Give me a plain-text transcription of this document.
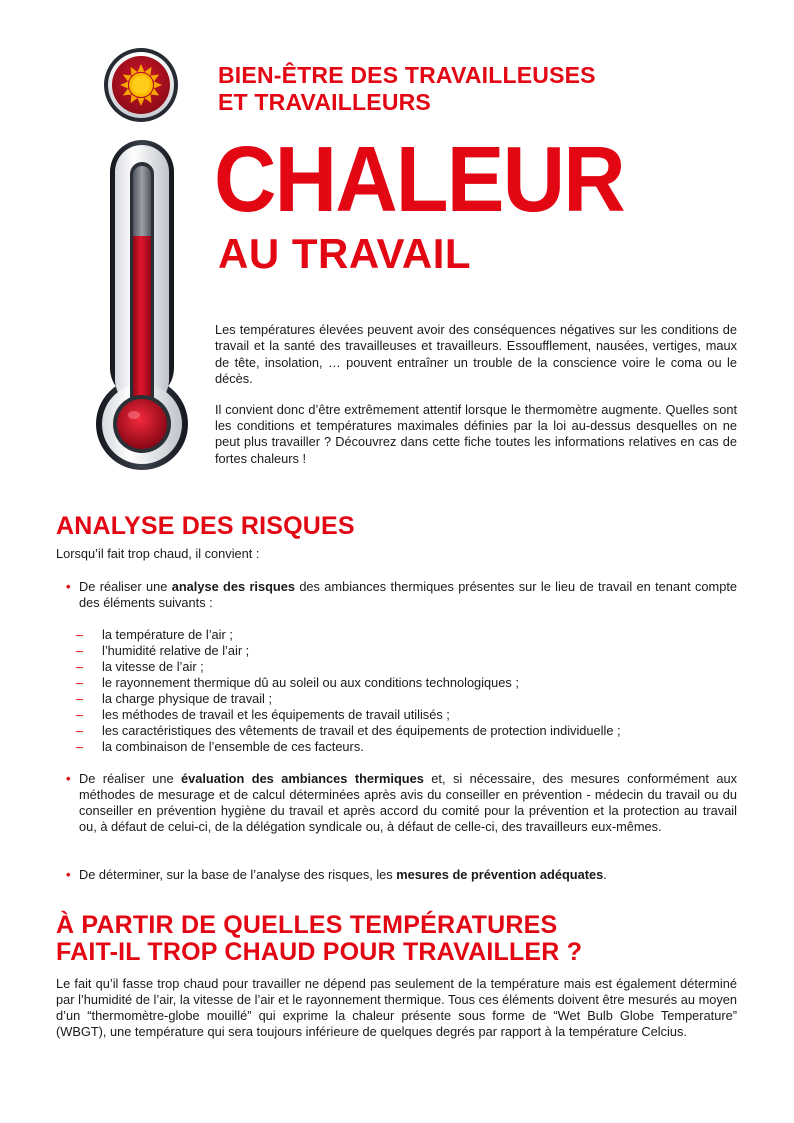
BIEN-ÊTRE DES TRAVAILLEUSES
ET TRAVAILLEURS
CHALEUR
AU TRAVAIL

Les températures élevées peuvent avoir des conséquences négatives sur les conditions de travail et la santé des travailleuses et travailleurs. Essoufflement, nausées, vertiges, maux de tête, insolation, … pouvent entraîner un trouble de la conscience voire le coma ou le décès.

Il convient donc d’être extrêmement attentif lorsque le thermomètre augmente. Quelles sont les conditions et températures maximales définies par la loi au-dessus desquelles on ne peut plus travailler ? Découvrez dans cette fiche toutes les informations relatives en cas de fortes chaleurs !

ANALYSE DES RISQUES

Lorsqu’il fait trop chaud, il convient :

• De réaliser une analyse des risques des ambiances thermiques présentes sur le lieu de travail en tenant compte des éléments suivants :
– la température de l’air ;
– l’humidité relative de l’air ;
– la vitesse de l’air ;
– le rayonnement thermique dû au soleil ou aux conditions technologiques ;
– la charge physique de travail ;
– les méthodes de travail et les équipements de travail utilisés ;
– les caractéristiques des vêtements de travail et des équipements de protection individuelle ;
– la combinaison de l’ensemble de ces facteurs.
• De réaliser une évaluation des ambiances thermiques et, si nécessaire, des mesures conformément aux méthodes de mesurage et de calcul déterminées après avis du conseiller en prévention - médecin du travail ou du conseiller en prévention hygiène du travail et après accord du comité pour la prévention et la protection au travail ou, à défaut de celui-ci, de la délégation syndicale ou, à défaut de celle-ci, des travailleurs eux-mêmes.
• De déterminer, sur la base de l’analyse des risques, les mesures de prévention adéquates.
À PARTIR DE QUELLES TEMPÉRATURES
FAIT-IL TROP CHAUD POUR TRAVAILLER ?

Le fait qu’il fasse trop chaud pour travailler ne dépend pas seulement de la température mais est également déterminé par l’humidité de l’air, la vitesse de l’air et le rayonnement thermique. Tous ces éléments doivent être mesurés au moyen d’un “thermomètre-globe mouillé” qui exprime la chaleur présente sous forme de “Wet Bulb Globe Temperature” (WBGT), une température qui sera toujours inférieure de quelques degrés par rapport à la température Celcius.
